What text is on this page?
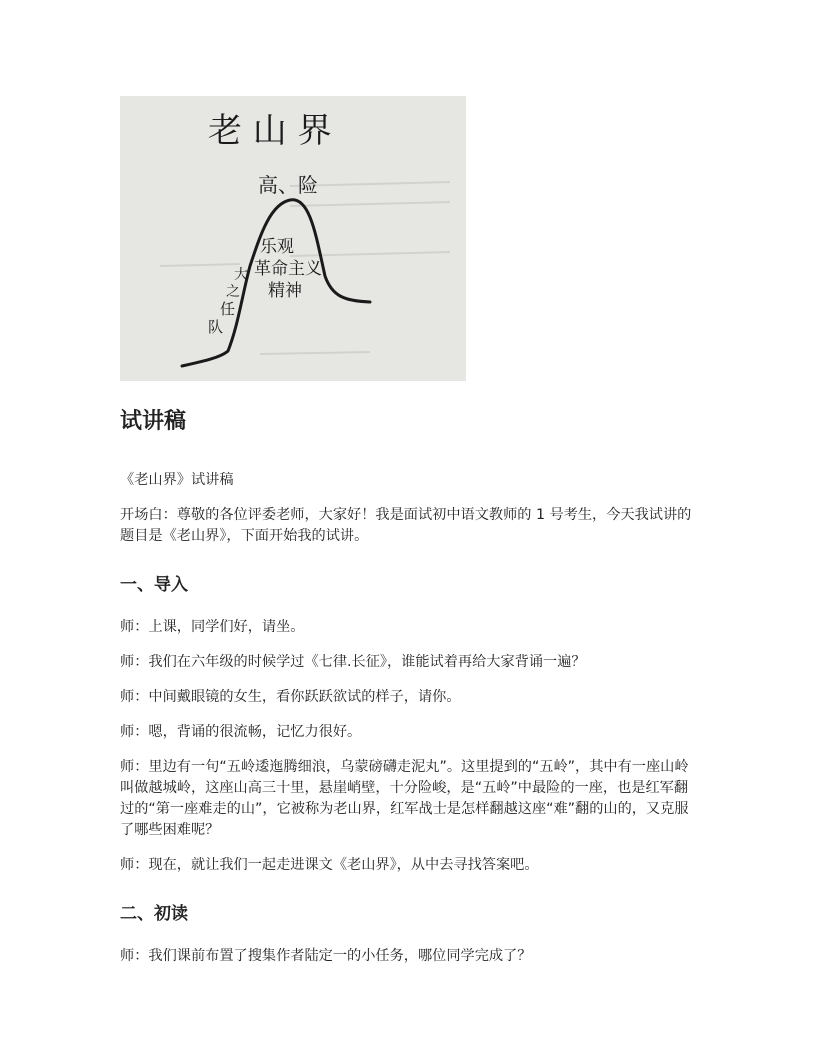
老 山 界
高、险
乐观
革命主义
精神
大
之
任
队
试讲稿

《老山界》试讲稿

开场白：尊敬的各位评委老师，大家好！我是面试初中语文教师的 1 号考生，今天我试讲的题目是《老山界》，下面开始我的试讲。

一、导入

师：上课，同学们好，请坐。

师：我们在六年级的时候学过《七律.长征》，谁能试着再给大家背诵一遍？

师：中间戴眼镜的女生，看你跃跃欲试的样子，请你。

师：嗯，背诵的很流畅，记忆力很好。

师：里边有一句“五岭逶迤腾细浪，乌蒙磅礴走泥丸”。这里提到的“五岭”，其中有一座山岭叫做越城岭，这座山高三十里，悬崖峭壁，十分险峻，是“五岭”中最险的一座，也是红军翻过的“第一座难走的山”，它被称为老山界，红军战士是怎样翻越这座“难”翻的山的，又克服了哪些困难呢？

师：现在，就让我们一起走进课文《老山界》，从中去寻找答案吧。

二、初读

师：我们课前布置了搜集作者陆定一的小任务，哪位同学完成了？
